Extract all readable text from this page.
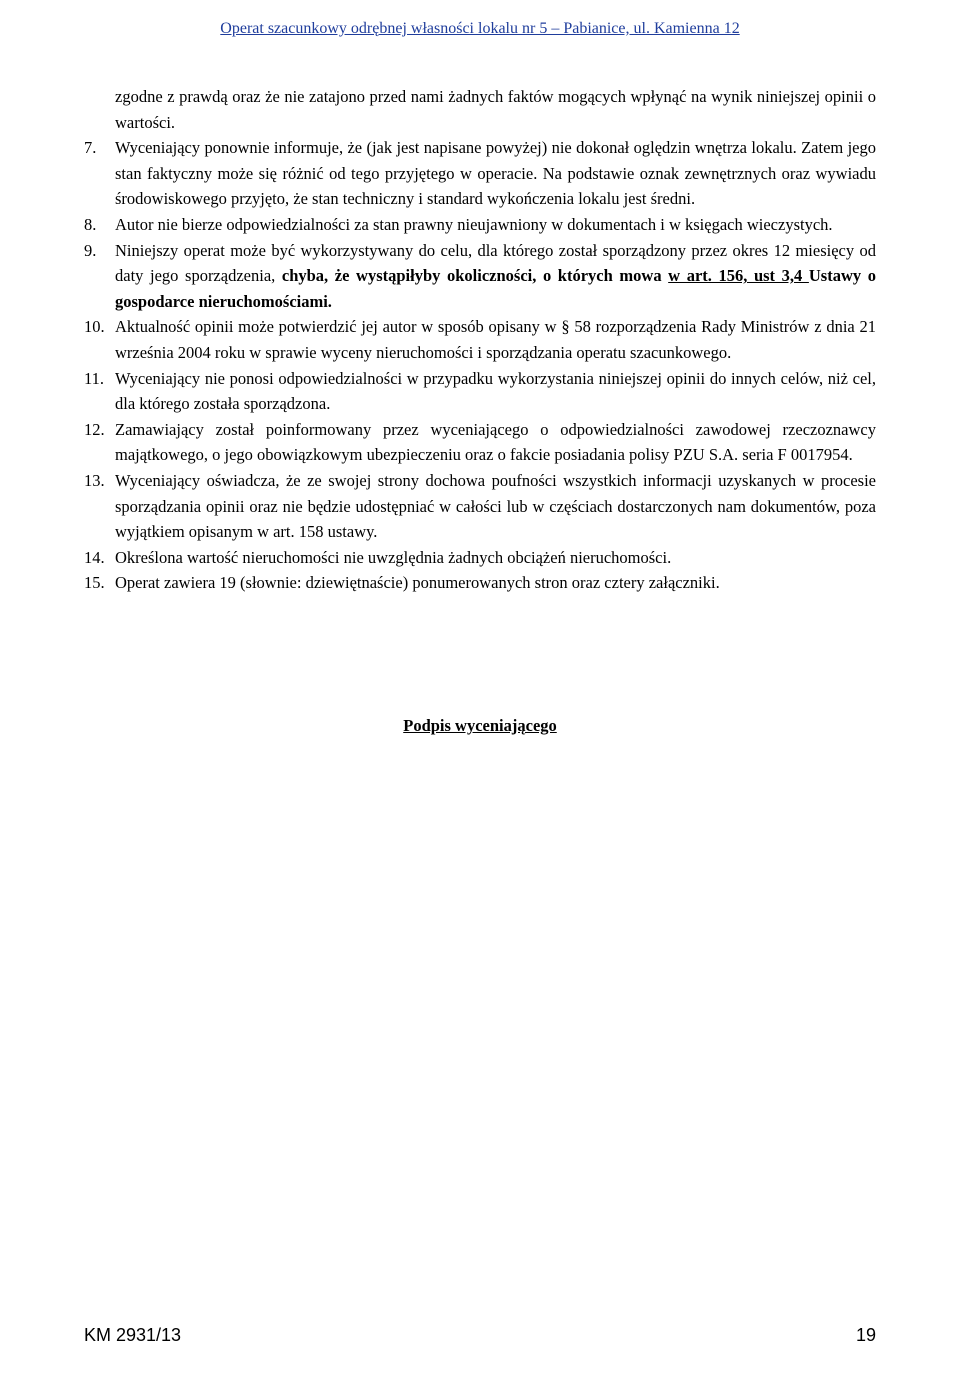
Operat szacunkowy odrębnej własności lokalu nr 5 – Pabianice, ul. Kamienna 12

zgodne z prawdą oraz że nie zatajono przed nami żadnych faktów mogących wpłynąć na wynik niniejszej opinii o wartości.

7. Wyceniający ponownie informuje, że (jak jest napisane powyżej) nie dokonał oględzin wnętrza lokalu. Zatem jego stan faktyczny może się różnić od tego przyjętego w operacie. Na podstawie oznak zewnętrznych oraz wywiadu środowiskowego przyjęto, że stan techniczny i standard wykończenia lokalu jest średni.
8. Autor nie bierze odpowiedzialności za stan prawny nieujawniony w dokumentach i w księgach wieczystych.
9. Niniejszy operat może być wykorzystywany do celu, dla którego został sporządzony przez okres 12 miesięcy od daty jego sporządzenia, chyba, że wystąpiłyby okoliczności, o których mowa w art. 156, ust 3,4 Ustawy o gospodarce nieruchomościami.
10. Aktualność opinii może potwierdzić jej autor w sposób opisany w § 58 rozporządzenia Rady Ministrów z dnia 21 września 2004 roku w sprawie wyceny nieruchomości i sporządzania operatu szacunkowego.
11. Wyceniający nie ponosi odpowiedzialności w przypadku wykorzystania niniejszej opinii do innych celów, niż cel, dla którego została sporządzona.
12. Zamawiający został poinformowany przez wyceniającego o odpowiedzialności zawodowej rzeczoznawcy majątkowego, o jego obowiązkowym ubezpieczeniu oraz o fakcie posiadania polisy PZU S.A. seria F 0017954.
13. Wyceniający oświadcza, że ze swojej strony dochowa poufności wszystkich informacji uzyskanych w procesie sporządzania opinii oraz nie będzie udostępniać w całości lub w częściach dostarczonych nam dokumentów, poza wyjątkiem opisanym w art. 158 ustawy.
14. Określona wartość nieruchomości nie uwzględnia żadnych obciążeń nieruchomości.
15. Operat zawiera 19 (słownie: dziewiętnaście) ponumerowanych stron oraz cztery załączniki.
Podpis wyceniającego
KM 2931/13	19
